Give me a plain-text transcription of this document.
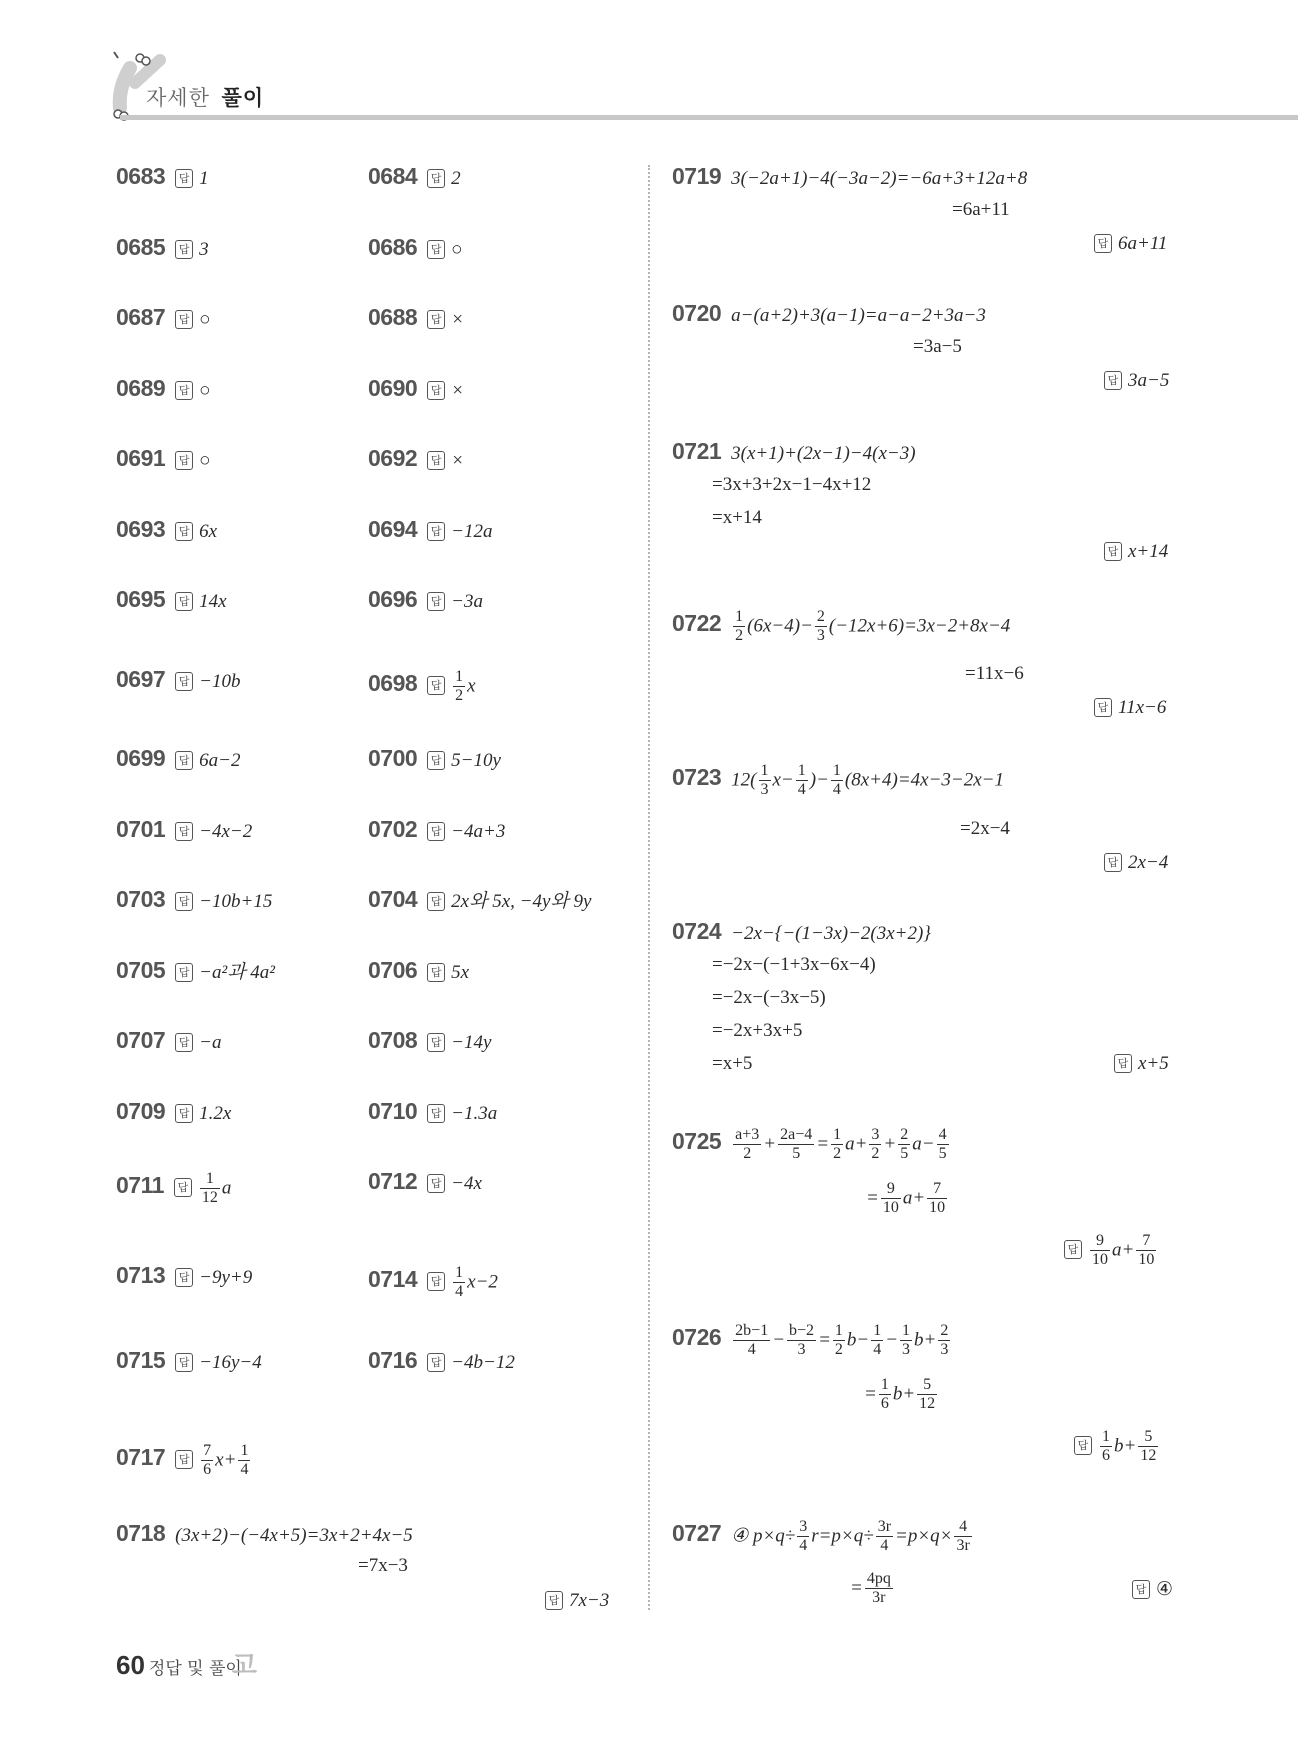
자세한 풀이
0683 답 1	0684 답 2
0685 답 3	0686 답 ○
0687 답 ○	0688 답 ×
0689 답 ○	0690 답 ×
0691 답 ○	0692 답 ×
0693 답 6x	0694 답 −12a
0695 답 14x	0696 답 −3a
0697 답 −10b	0698 답 $\frac{1}{2}$ x
0699 답 6a−2	0700 답 5−10y
0701 답 −4x−2	0702 답 −4a+3
0703 답 −10b+15	0704 답 2x와 5x, −4y와 9y
0705 답 −a²과 4a²	0706 답 5x
0707 답 −a	0708 답 −14y
0709 답 1.2x	0710 답 −1.3a
0711 답 $\frac{1}{12}$ a	0712 답 −4x
0713 답 −9y+9	0714 답 $\frac{1}{4} x-2$
0715 답 −16y−4	0716 답 −4b−12
0717 답 $\frac{7}{6} x+ \frac{1}{4}$
0718 (3x+2)−(−4x+5)=3x+2+4x−5
=7x−3
답 7x−3
0719 3(−2a+1)−4(−3a−2)=−6a+3+12a+8
=6a+11
답 6a+11
0720 a−(a+2)+3(a−1)=a−a−2+3a−3
=3a−5
답 3a−5
0721 3(x+1)+(2x−1)−4(x−3)
=3x+3+2x−1−4x+12
=x+14
답 x+14
$0722 \frac{1}{2} (6x-4)- \frac{2}{3} (-12x+6)=3x-2+8x-4$
=11x−6
답 11x−6
0723 $12( \frac{1}{3} x- \frac{1}{4}$ )− $\frac{1}{4} (8x+4)=4x-3-2x-1$
=2x−4
답 2x−4
0724 −2x−{−(1−3x)−2(3x+2)}
=−2x−(−1+3x−6x−4)
=−2x−(−3x−5)
=−2x+3x+5
=x+5	답 x+5
$0725 \frac{a+3}{2} + \frac{2a-4}{5} = \frac{1}{2} a+ \frac{3}{2} + \frac{2}{5} a- \frac{4}{5}$
= $\frac{9}{10} a+ \frac{7}{10}$
답 $\frac{9}{10} a+ \frac{7}{10}$
$0726 \frac{2b-1}{4} - \frac{b-2}{3} = \frac{1}{2} b- \frac{1}{4} - \frac{1}{3} b+ \frac{2}{3}$
= $\frac{1}{6} b+ \frac{5}{12}$
답 $\frac{1}{6} b+ \frac{5}{12}$
0727 ④ $p\times q\div \frac{3}{4} r=p\times q\div \frac{3r}{4} =p\times q\times \frac{4}{3r}$
= $\frac{4pq}{3r}$	답 ④
60 정답 및 풀이고
